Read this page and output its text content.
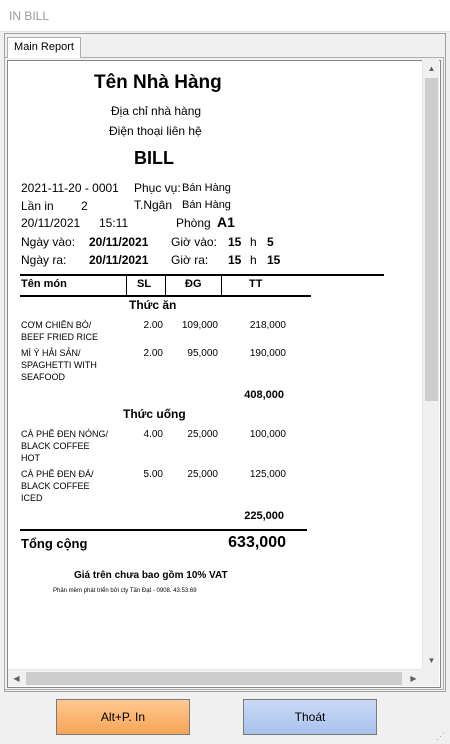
IN BILL
Main Report
Tên Nhà Hàng
Địa chỉ nhà hàng
Điện thoại liên hệ
BILL
2021-11-20 - 0001 Phục vụ: Bán Hàng
Lần in 2	T.Ngân Bán Hàng
20/11/2021 15:11	Phòng A1
Ngày vào: 20/11/2021 Giờ vào: 15 h 5
Ngày ra: 20/11/2021 Giờ ra: 15 h 15
Tên món	SL	ĐG	TT
Thức ăn
CƠM CHIÊN BÒ/
BEEF FRIED RICE
2.00	109,000	218,000
MÌ Ý HẢI SẢN/
SPAGHETTI WITH
SEAFOOD
2.00	95,000	190,000
408,000
Thức uống
CÀ PHÊ ĐEN NÓNG/
BLACK COFFEE
HOT
4.00	25,000	100,000
CÀ PHÊ ĐEN ĐÁ/
BLACK COFFEE
ICED
5.00	25,000	125,000
225,000
Tổng cộng	633,000
Giá trên chưa bao gồm 10% VAT
Phần mềm phát triển bởi cty Tấn Đạt - 0908. 43.53.69
▲
▼
◀	▶
Alt+P. In	Thoát
⋰
